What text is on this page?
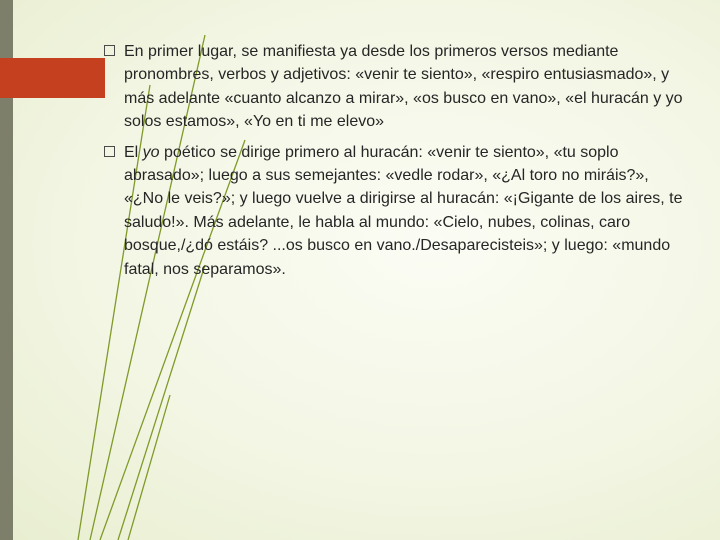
En primer lugar, se manifiesta ya desde los primeros versos mediante pronombres, verbos y adjetivos: «venir te siento», «respiro entusiasmado», y más adelante «cuanto alcanzo a mirar», «os busco en vano», «el huracán y yo solos estamos», «Yo en ti me elevo»
El yo poético se dirige primero al huracán: «venir te siento», «tu soplo abrasado»; luego a sus semejantes: «vedle rodar», «¿Al toro no miráis?», «¿No le veis?»; y luego vuelve a dirigirse al huracán: «¡Gigante de los aires, te saludo!». Más adelante, le habla al mundo: «Cielo, nubes, colinas, caro bosque,/¿dó estáis? ...os busco en vano./Desaparecisteis»; y luego: «mundo fatal, nos separamos».
